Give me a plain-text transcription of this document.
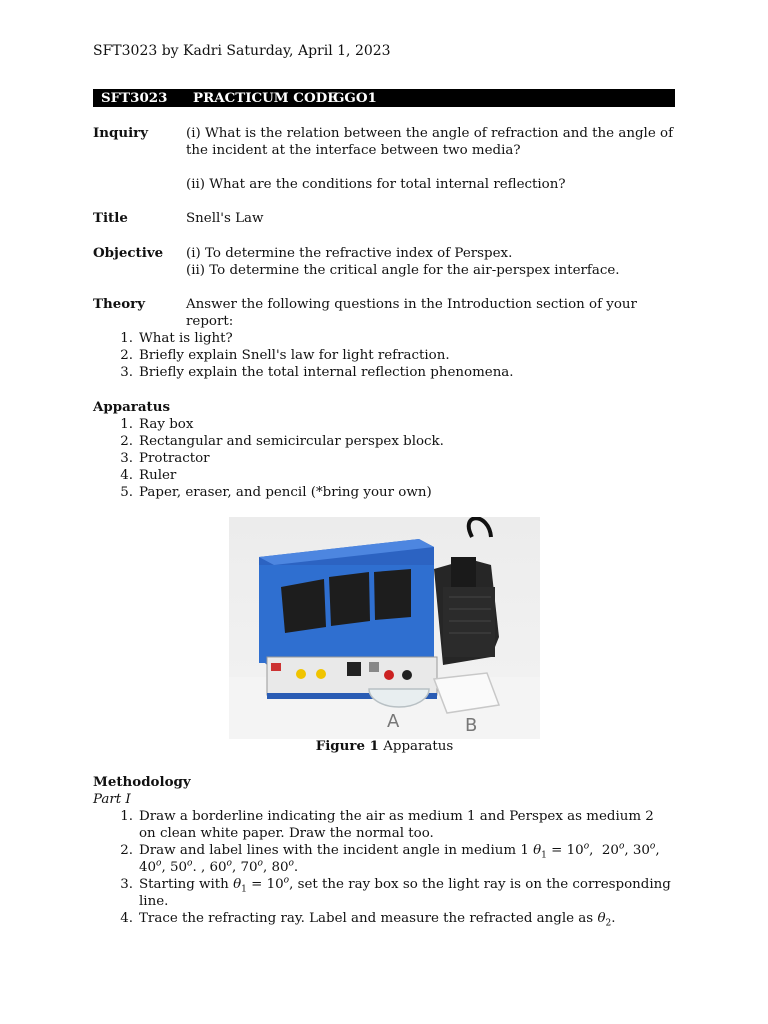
SFT3023 by Kadri Saturday, April 1, 2023
SFT3023 PRACTICUM CODE
GGO1
Inquiry	(i) What is the relation between the angle of refraction and the angle of the incident at the interface between two media?
(ii) What are the conditions for total internal reflection?
Title	Snell's Law
Objective (i) To determine the refractive index of Perspex.
(ii) To determine the critical angle for the air-perspex interface.
Theory	Answer the following questions in the Introduction section of your report:
1. What is light?
2. Briefly explain Snell's law for light refraction.
3. Briefly explain the total internal reflection phenomena.
Apparatus
1. Ray box
2. Rectangular and semicircular perspex block.
3. Protractor
4. Ruler
5. Paper, eraser, and pencil (*bring your own)
A	B
Figure 1 Apparatus
Methodology
Part I
1. Draw a borderline indicating the air as medium 1 and Perspex as medium 2 on clean white paper. Draw the normal too.
2. Draw and label lines with the incident angle in medium 1 $\theta_1 = 10^o$,  20$^o$, 30$^o$, 40$^o$, 50$^o$. , 60$^o$, 70$^o$, 80$^o$.
3. Starting with $\theta_1 = 10^o$, set the ray box so the light ray is on the corresponding line.
4. Trace the refracting ray. Label and measure the refracted angle as $\theta_2$.
